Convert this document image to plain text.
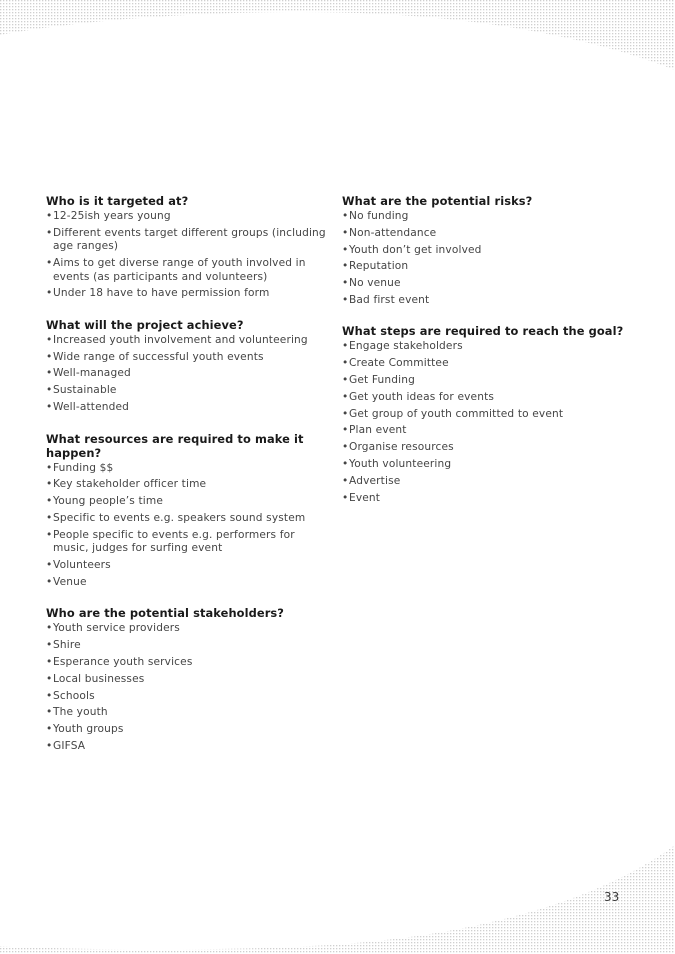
Who is it targeted at?
• 12-25ish years young
• Different events target different groups (including age ranges)
• Aims to get diverse range of youth involved in events (as participants and volunteers)
• Under 18 have to have permission form
What will the project achieve?
• Increased youth involvement and volunteering
• Wide range of successful youth events
• Well-managed
• Sustainable
• Well-attended
What resources are required to make it happen?
• Funding $$
• Key stakeholder officer time
• Young people’s time
• Specific to events e.g. speakers sound system
• People specific to events e.g. performers for music, judges for surfing event
• Volunteers
• Venue
Who are the potential stakeholders?
• Youth service providers
• Shire
• Esperance youth services
• Local businesses
• Schools
• The youth
• Youth groups
• GIFSA
What are the potential risks?
• No funding
• Non-attendance
• Youth don’t get involved
• Reputation
• No venue
• Bad first event
What steps are required to reach the goal?
• Engage stakeholders
• Create Committee
• Get Funding
• Get youth ideas for events
• Get group of youth committed to event
• Plan event
• Organise resources
• Youth volunteering
• Advertise
• Event
33
